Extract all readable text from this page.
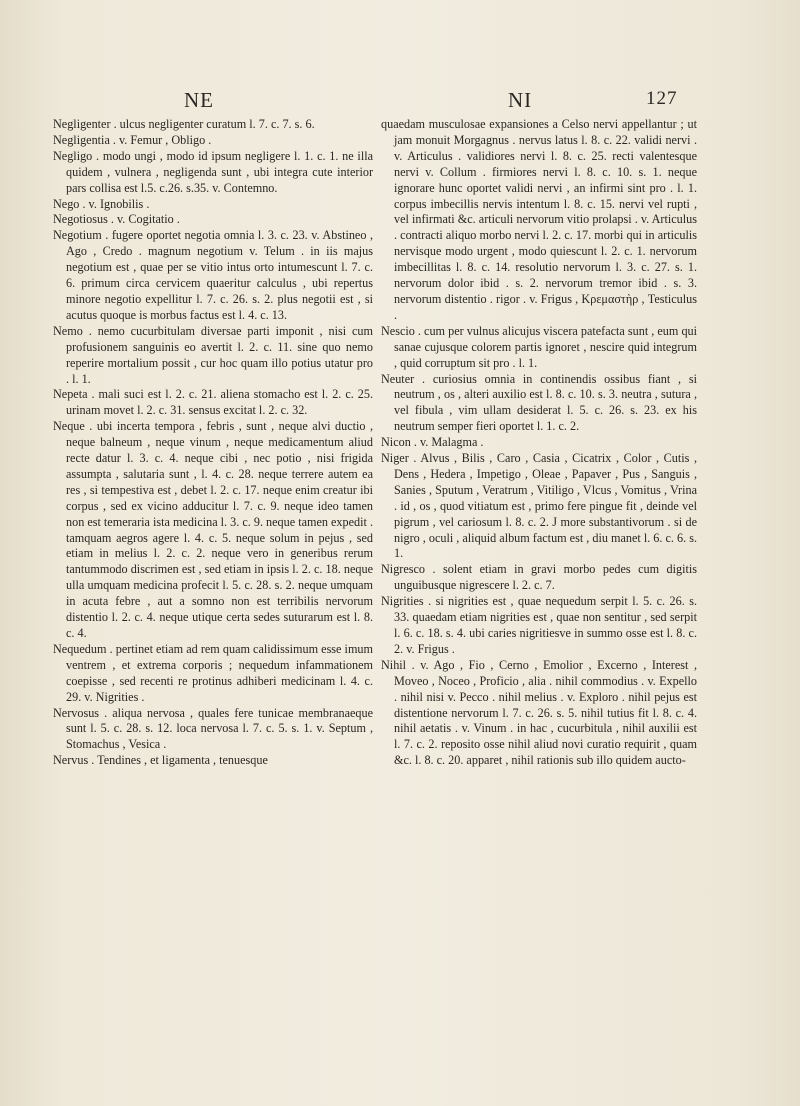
NE	NI	127

Negligenter . ulcus negligenter curatum l. 7. c. 7. s. 6.

Negligentia . v. Femur , Obligo .

Negligo . modo ungi , modo id ipsum negligere l. 1. c. 1. ne illa quidem , vulnera , negligenda sunt , ubi integra cute interior pars collisa est l.5. c.26. s.35. v. Contemno.

Nego . v. Ignobilis .

Negotiosus . v. Cogitatio .

Negotium . fugere oportet negotia omnia l. 3. c. 23. v. Abstineo , Ago , Credo . magnum negotium v. Telum . in iis majus negotium est , quae per se vitio intus orto intumescunt l. 7. c. 6. primum circa cervicem quaeritur calculus , ubi repertus minore negotio expellitur l. 7. c. 26. s. 2. plus negotii est , si acutus quoque is morbus factus est l. 4. c. 13.

Nemo . nemo cucurbitulam diversae parti imponit , nisi cum profusionem sanguinis eo avertit l. 2. c. 11. sine quo nemo reperire mortalium possit , cur hoc quam illo potius utatur pro . l. 1.

Nepeta . mali suci est l. 2. c. 21. aliena stomacho est l. 2. c. 25. urinam movet l. 2. c. 31. sensus excitat l. 2. c. 32.

Neque . ubi incerta tempora , febris , sunt , neque alvi ductio , neque balneum , neque vinum , neque medicamentum aliud recte datur l. 3. c. 4. neque cibi , nec potio , nisi frigida assumpta , salutaria sunt , l. 4. c. 28. neque terrere autem ea res , si tempestiva est , debet l. 2. c. 17. neque enim creatur ibi corpus , sed ex vicino adducitur l. 7. c. 9. neque ideo tamen non est temeraria ista medicina l. 3. c. 9. neque tamen expedit . tamquam aegros agere l. 4. c. 5. neque solum in pejus , sed etiam in melius l. 2. c. 2. neque vero in generibus rerum tantummodo discrimen est , sed etiam in ipsis l. 2. c. 18. neque ulla umquam medicina profecit l. 5. c. 28. s. 2. neque umquam in acuta febre , aut a somno non est terribilis nervorum distentio l. 2. c. 4. neque utique certa sedes suturarum est l. 8. c. 4.

Nequedum . pertinet etiam ad rem quam calidissimum esse imum ventrem , et extrema corporis ; nequedum infammationem coepisse , sed recenti re protinus adhiberi medicinam l. 4. c. 29. v. Nigrities .

Nervosus . aliqua nervosa , quales fere tunicae membranaeque sunt l. 5. c. 28. s. 12. loca nervosa l. 7. c. 5. s. 1. v. Septum , Stomachus , Vesica .

Nervus . Tendines , et ligamenta , tenuesque

quaedam musculosae expansiones a Celso nervi appellantur ; ut jam monuit Morgagnus . nervus latus l. 8. c. 22. validi nervi . v. Articulus . validiores nervi l. 8. c. 25. recti valentesque nervi v. Collum . firmiores nervi l. 8. c. 10. s. 1. neque ignorare hunc oportet validi nervi , an infirmi sint pro . l. 1. corpus imbecillis nervis intentum l. 8. c. 15. nervi vel rupti , vel infirmati &c. articuli nervorum vitio prolapsi . v. Articulus . contracti aliquo morbo nervi l. 2. c. 17. morbi qui in articulis nervisque modo urgent , modo quiescunt l. 2. c. 1. nervorum imbecillitas l. 8. c. 14. resolutio nervorum l. 3. c. 27. s. 1. nervorum dolor ibid . s. 2. nervorum tremor ibid . s. 3. nervorum distentio . rigor . v. Frigus , Κρεμαστὴρ , Testiculus .

Nescio . cum per vulnus alicujus viscera patefacta sunt , eum qui sanae cujusque colorem partis ignoret , nescire quid integrum , quid corruptum sit pro . l. 1.

Neuter . curiosius omnia in continendis ossibus fiant , si neutrum , os , alteri auxilio est l. 8. c. 10. s. 3. neutra , sutura , vel fibula , vim ullam desiderat l. 5. c. 26. s. 23. ex his neutrum semper fieri oportet l. 1. c. 2.

Nicon . v. Malagma .

Niger . Alvus , Bilis , Caro , Casia , Cicatrix , Color , Cutis , Dens , Hedera , Impetigo , Oleae , Papaver , Pus , Sanguis , Sanies , Sputum , Veratrum , Vitiligo , Vlcus , Vomitus , Vrina . id , os , quod vitiatum est , primo fere pingue fit , deinde vel pigrum , vel cariosum l. 8. c. 2. J more substantivorum . si de nigro , oculi , aliquid album factum est , diu manet l. 6. c. 6. s. 1.

Nigresco . solent etiam in gravi morbo pedes cum digitis unguibusque nigrescere l. 2. c. 7.

Nigrities . si nigrities est , quae nequedum serpit l. 5. c. 26. s. 33. quaedam etiam nigrities est , quae non sentitur , sed serpit l. 6. c. 18. s. 4. ubi caries nigritiesve in summo osse est l. 8. c. 2. v. Frigus .

Nihil . v. Ago , Fio , Cerno , Emolior , Excerno , Interest , Moveo , Noceo , Proficio , alia . nihil commodius . v. Expello . nihil nisi v. Pecco . nihil melius . v. Exploro . nihil pejus est distentione nervorum l. 7. c. 26. s. 5. nihil tutius fit l. 8. c. 4. nihil aetatis . v. Vinum . in hac , cucurbitula , nihil auxilii est l. 7. c. 2. reposito osse nihil aliud novi curatio requirit , quam &c. l. 8. c. 20. apparet , nihil rationis sub illo quidem aucto-
